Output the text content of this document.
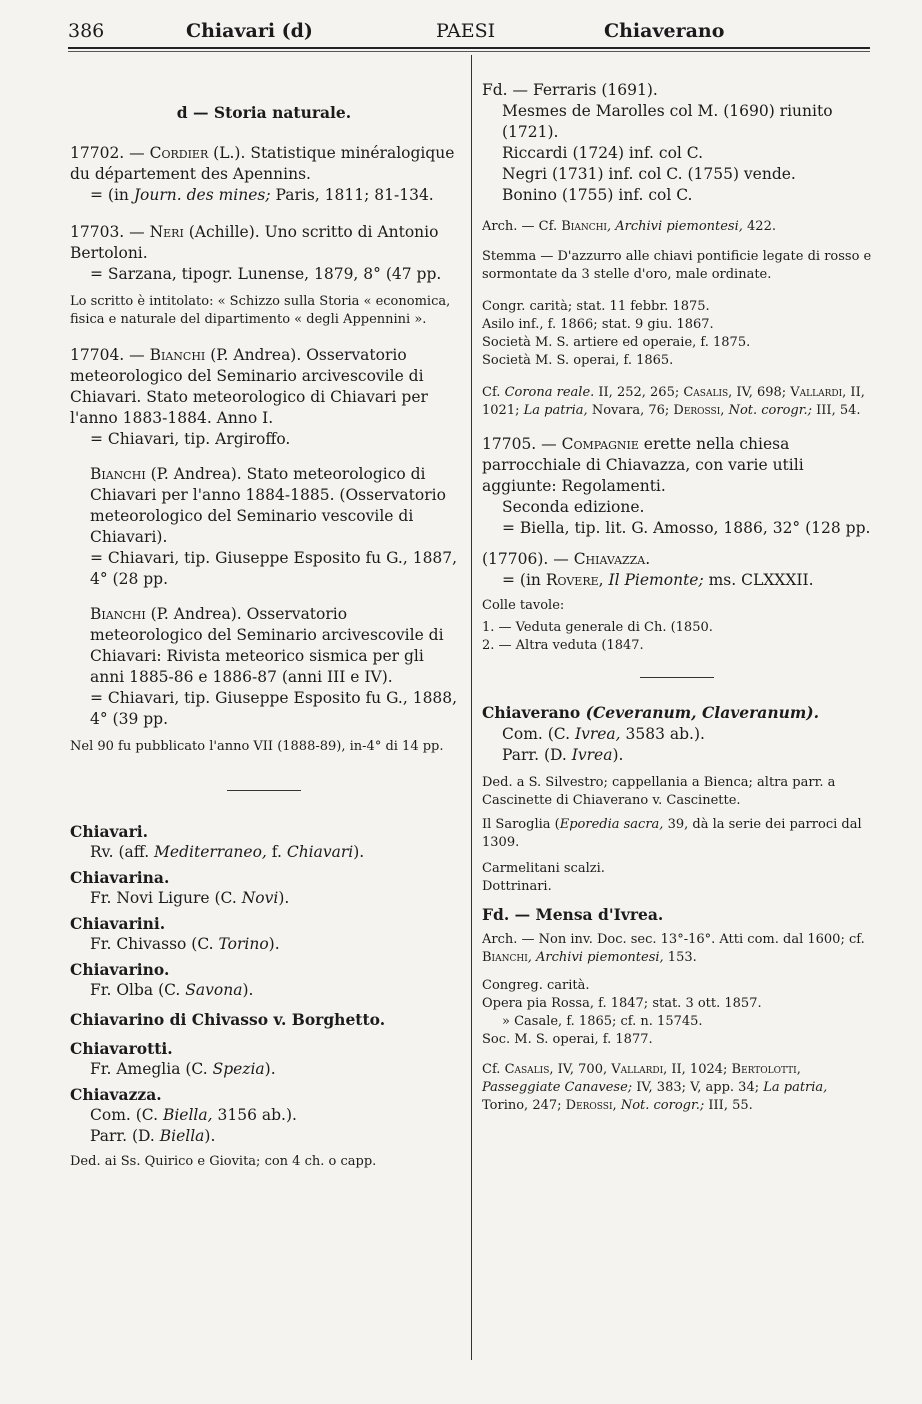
386	Chiavari (d)	PAESI	Chiaverano
d — Storia naturale.
17702. — Cordier (L.). Statistique minéralogique du département des Apennins.
= (in Journ. des mines; Paris, 1811; 81-134.
17703. — Neri (Achille). Uno scritto di Antonio Bertoloni.
= Sarzana, tipogr. Lunense, 1879, 8° (47 pp.
Lo scritto è intitolato: « Schizzo sulla Storia « economica, fisica e naturale del dipartimento « degli Appennini ».
17704. — Bianchi (P. Andrea). Osservatorio meteorologico del Seminario arcivescovile di Chiavari. Stato meteorologico di Chiavari per l'anno 1883-1884. Anno I.
= Chiavari, tip. Argiroffo.
Bianchi (P. Andrea). Stato meteorologico di Chiavari per l'anno 1884-1885. (Osservatorio meteorologico del Seminario vescovile di Chiavari).
= Chiavari, tip. Giuseppe Esposito fu G., 1887, 4° (28 pp.
Bianchi (P. Andrea). Osservatorio meteorologico del Seminario arcivescovile di Chiavari: Rivista meteorico sismica per gli anni 1885-86 e 1886-87 (anni III e IV).
= Chiavari, tip. Giuseppe Esposito fu G., 1888, 4° (39 pp.
Nel 90 fu pubblicato l'anno VII (1888-89), in-4° di 14 pp.
Chiavari.
Rv. (aff. Mediterraneo, f. Chiavari).
Chiavarina.
Fr. Novi Ligure (C. Novi).
Chiavarini.
Fr. Chivasso (C. Torino).
Chiavarino.
Fr. Olba (C. Savona).
Chiavarino di Chivasso v. Borghetto.
Chiavarotti.
Fr. Ameglia (C. Spezia).
Chiavazza.
Com. (C. Biella, 3156 ab.).
Parr. (D. Biella).
Ded. ai Ss. Quirico e Giovita; con 4 ch. o capp.
Fd. — Ferraris (1691).
Mesmes de Marolles col M. (1690) riunito (1721).
Riccardi (1724) inf. col C.
Negri (1731) inf. col C. (1755) vende.
Bonino (1755) inf. col C.
Arch. — Cf. Bianchi, Archivi piemontesi, 422.
Stemma — D'azzurro alle chiavi pontificie legate di rosso e sormontate da 3 stelle d'oro, male ordinate.
Congr. carità; stat. 11 febbr. 1875.
Asilo inf., f. 1866; stat. 9 giu. 1867.
Società M. S. artiere ed operaie, f. 1875.
Società M. S. operai, f. 1865.
Cf. Corona reale. II, 252, 265; Casalis, IV, 698; Vallardi, II, 1021; La patria, Novara, 76; Derossi, Not. corogr.; III, 54.
17705. — Compagnie erette nella chiesa parrocchiale di Chiavazza, con varie utili aggiunte: Regolamenti.
Seconda edizione.
= Biella, tip. lit. G. Amosso, 1886, 32° (128 pp.
(17706). — Chiavazza.
= (in Rovere, Il Piemonte; ms. CLXXXII.
Colle tavole:
1. — Veduta generale di Ch. (1850.
2. — Altra veduta (1847.
Chiaverano (Ceveranum, Claveranum).
Com. (C. Ivrea, 3583 ab.).
Parr. (D. Ivrea).
Ded. a S. Silvestro; cappellania a Bienca; altra parr. a Cascinette di Chiaverano v. Cascinette.
Il Saroglia (Eporedia sacra, 39, dà la serie dei parroci dal 1309.
Carmelitani scalzi.
Dottrinari.
Fd. — Mensa d'Ivrea.
Arch. — Non inv. Doc. sec. 13°-16°. Atti com. dal 1600; cf. Bianchi, Archivi piemontesi, 153.
Congreg. carità.
Opera pia Rossa, f. 1847; stat. 3 ott. 1857.
» Casale, f. 1865; cf. n. 15745.
Soc. M. S. operai, f. 1877.
Cf. Casalis, IV, 700, Vallardi, II, 1024; Bertolotti, Passeggiate Canavese; IV, 383; V, app. 34; La patria, Torino, 247; Derossi, Not. corogr.; III, 55.
